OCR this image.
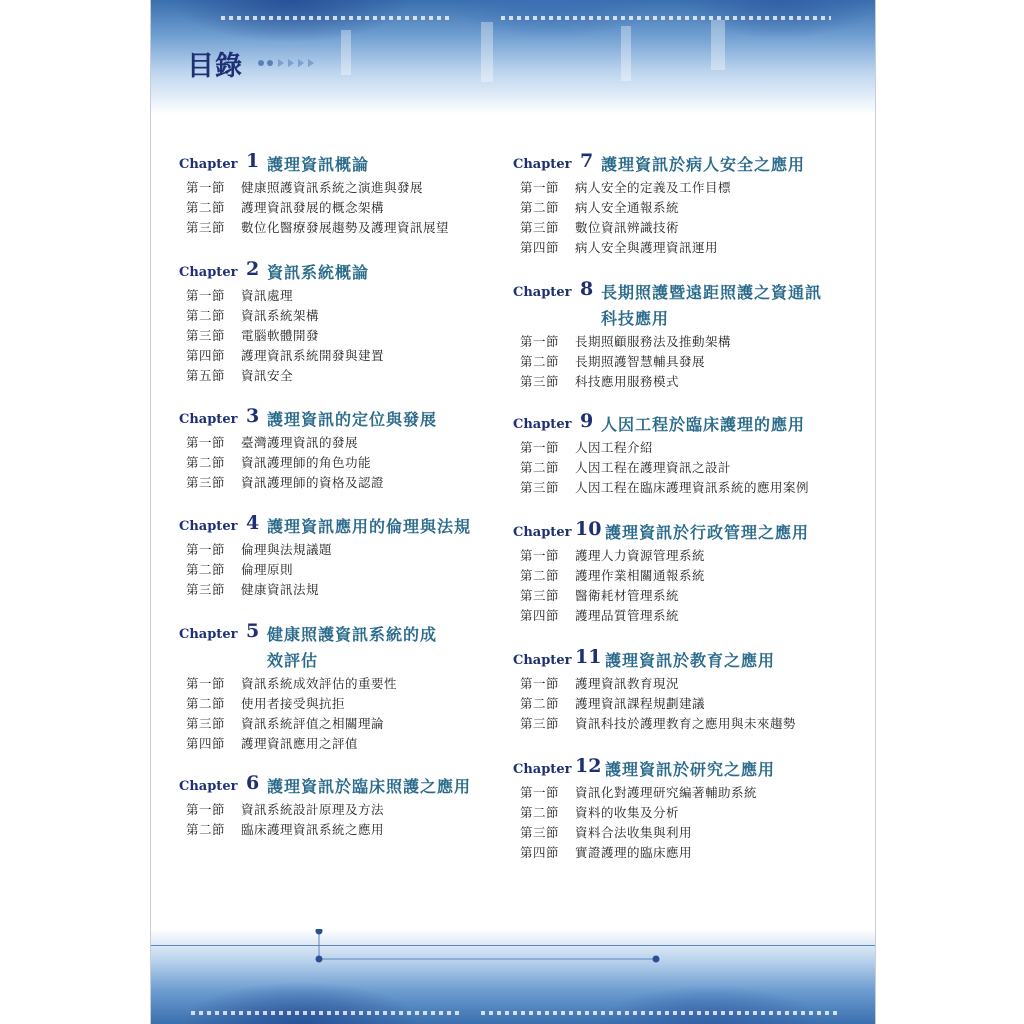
目錄
Chapter 1 護理資訊概論
第一節 健康照護資訊系統之演進與發展
第二節 護理資訊發展的概念架構
第三節 數位化醫療發展趨勢及護理資訊展望
Chapter 2 資訊系統概論
第一節 資訊處理
第二節 資訊系統架構
第三節 電腦軟體開發
第四節 護理資訊系統開發與建置
第五節 資訊安全
Chapter 3 護理資訊的定位與發展
第一節 臺灣護理資訊的發展
第二節 資訊護理師的角色功能
第三節 資訊護理師的資格及認證
Chapter 4 護理資訊應用的倫理與法規
第一節 倫理與法規議題
第二節 倫理原則
第三節 健康資訊法規
Chapter 5 健康照護資訊系統的成
效評估
第一節 資訊系統成效評估的重要性
第二節 使用者接受與抗拒
第三節 資訊系統評值之相關理論
第四節 護理資訊應用之評值
Chapter 6 護理資訊於臨床照護之應用
第一節 資訊系統設計原理及方法
第二節 臨床護理資訊系統之應用
Chapter 7 護理資訊於病人安全之應用
第一節 病人安全的定義及工作目標
第二節 病人安全通報系統
第三節 數位資訊辨識技術
第四節 病人安全與護理資訊運用
Chapter 8 長期照護暨遠距照護之資通訊
科技應用
第一節 長期照顧服務法及推動架構
第二節 長期照護智慧輔具發展
第三節 科技應用服務模式
Chapter 9 人因工程於臨床護理的應用
第一節 人因工程介紹
第二節 人因工程在護理資訊之設計
第三節 人因工程在臨床護理資訊系統的應用案例
Chapter 10 護理資訊於行政管理之應用
第一節 護理人力資源管理系統
第二節 護理作業相關通報系統
第三節 醫衛耗材管理系統
第四節 護理品質管理系統
Chapter 11 護理資訊於教育之應用
第一節 護理資訊教育現況
第二節 護理資訊課程規劃建議
第三節 資訊科技於護理教育之應用與未來趨勢
Chapter 12 護理資訊於研究之應用
第一節 資訊化對護理研究編著輔助系統
第二節 資料的收集及分析
第三節 資料合法收集與利用
第四節 實證護理的臨床應用
